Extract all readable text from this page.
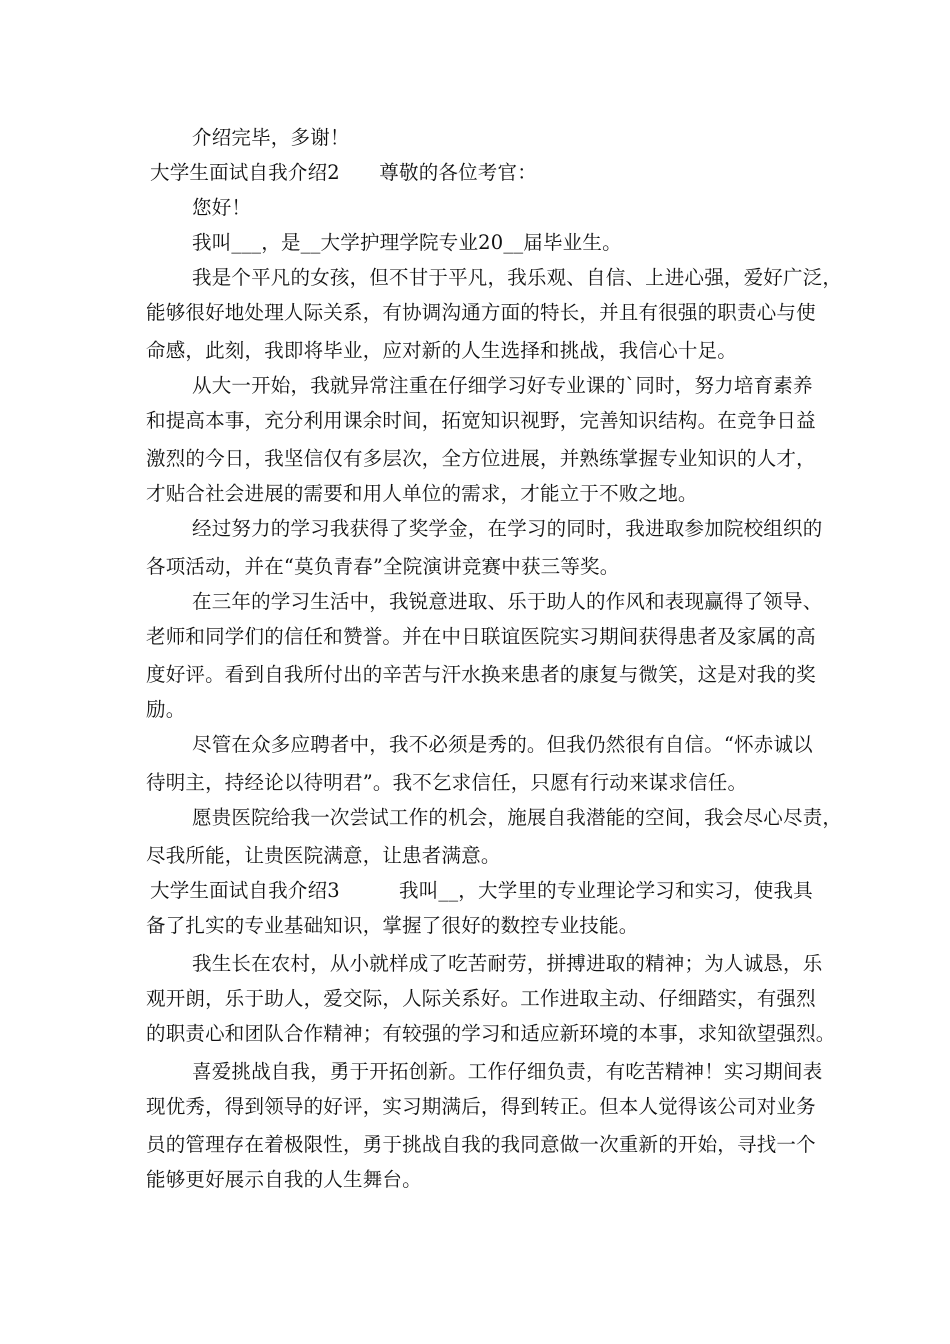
介绍完毕，多谢！
大学生面试自我介绍2　　尊敬的各位考官：
您好！
我叫___，是__大学护理学院专业20__届毕业生。
我是个平凡的女孩，但不甘于平凡，我乐观、自信、上进心强，爱好广泛，
能够很好地处理人际关系，有协调沟通方面的特长，并且有很强的职责心与使
命感，此刻，我即将毕业，应对新的人生选择和挑战，我信心十足。
从大一开始，我就异常注重在仔细学习好专业课的`同时，努力培育素养
和提高本事，充分利用课余时间，拓宽知识视野，完善知识结构。在竞争日益
激烈的今日，我坚信仅有多层次，全方位进展，并熟练掌握专业知识的人才，
才贴合社会进展的需要和用人单位的需求，才能立于不败之地。
经过努力的学习我获得了奖学金，在学习的同时，我进取参加院校组织的
各项活动，并在“莫负青春”全院演讲竞赛中获三等奖。
在三年的学习生活中，我锐意进取、乐于助人的作风和表现赢得了领导、
老师和同学们的信任和赞誉。并在中日联谊医院实习期间获得患者及家属的高
度好评。看到自我所付出的辛苦与汗水换来患者的康复与微笑，这是对我的奖
励。
尽管在众多应聘者中，我不必须是秀的。但我仍然很有自信。“怀赤诚以
待明主，持经论以待明君”。我不乞求信任，只愿有行动来谋求信任。
愿贵医院给我一次尝试工作的机会，施展自我潜能的空间，我会尽心尽责，
尽我所能，让贵医院满意，让患者满意。
大学生面试自我介绍3　　　我叫__，大学里的专业理论学习和实习，使我具
备了扎实的专业基础知识，掌握了很好的数控专业技能。
我生长在农村，从小就样成了吃苦耐劳，拼搏进取的精神；为人诚恳，乐
观开朗，乐于助人，爱交际，人际关系好。工作进取主动、仔细踏实，有强烈
的职责心和团队合作精神；有较强的学习和适应新环境的本事，求知欲望强烈。
喜爱挑战自我，勇于开拓创新。工作仔细负责，有吃苦精神！实习期间表
现优秀，得到领导的好评，实习期满后，得到转正。但本人觉得该公司对业务
员的管理存在着极限性，勇于挑战自我的我同意做一次重新的开始，寻找一个
能够更好展示自我的人生舞台。
